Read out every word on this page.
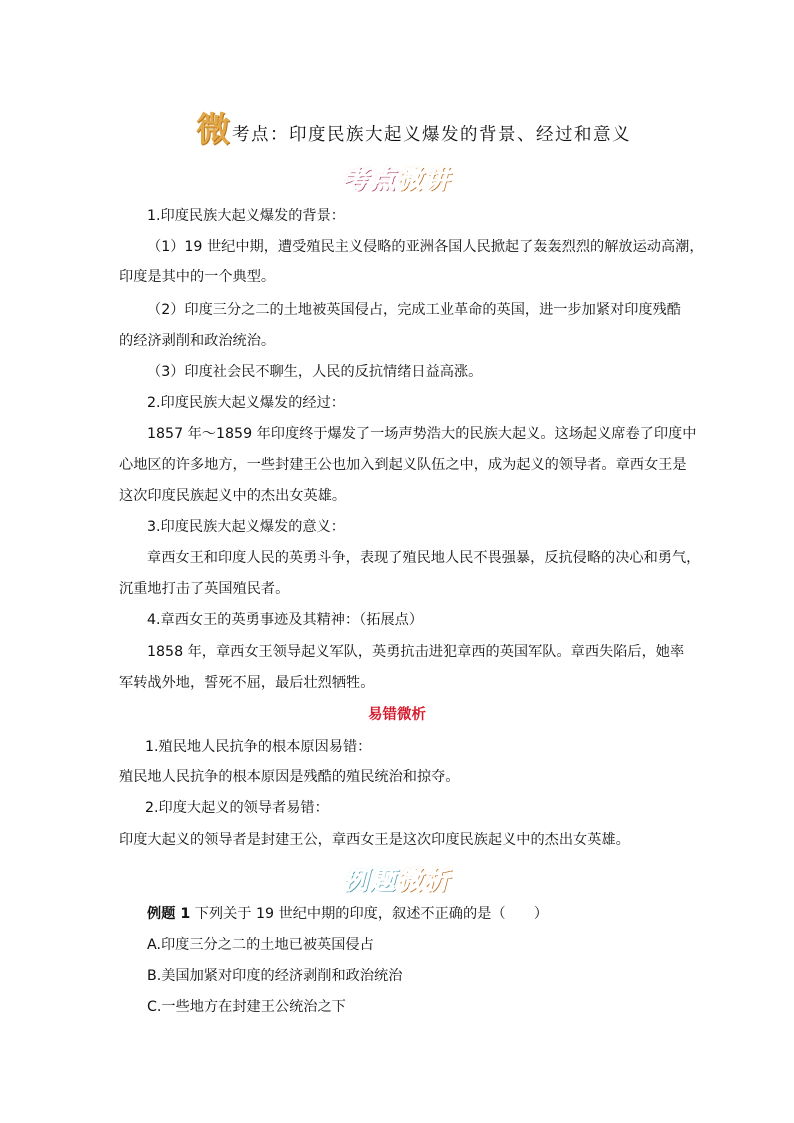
微 考点：印度民族大起义爆发的背景、经过和意义
考点微讲
1.印度民族大起义爆发的背景：
（1）19 世纪中期，遭受殖民主义侵略的亚洲各国人民掀起了轰轰烈烈的解放运动高潮，
印度是其中的一个典型。
（2）印度三分之二的土地被英国侵占，完成工业革命的英国，进一步加紧对印度残酷
的经济剥削和政治统治。
（3）印度社会民不聊生，人民的反抗情绪日益高涨。
2.印度民族大起义爆发的经过：
1857 年～1859 年印度终于爆发了一场声势浩大的民族大起义。这场起义席卷了印度中
心地区的许多地方，一些封建王公也加入到起义队伍之中，成为起义的领导者。章西女王是
这次印度民族起义中的杰出女英雄。
3.印度民族大起义爆发的意义：
章西女王和印度人民的英勇斗争，表现了殖民地人民不畏强暴，反抗侵略的决心和勇气，
沉重地打击了英国殖民者。
4.章西女王的英勇事迹及其精神：（拓展点）
1858 年，章西女王领导起义军队，英勇抗击进犯章西的英国军队。章西失陷后，她率
军转战外地，誓死不屈，最后壮烈牺牲。
易错微析
1.殖民地人民抗争的根本原因易错：
殖民地人民抗争的根本原因是残酷的殖民统治和掠夺。
2.印度大起义的领导者易错：
印度大起义的领导者是封建王公，章西女王是这次印度民族起义中的杰出女英雄。
例题微析
例题 1 下列关于 19 世纪中期的印度，叙述不正确的是（　　）
A.印度三分之二的土地已被英国侵占
B.美国加紧对印度的经济剥削和政治统治
C.一些地方在封建王公统治之下
